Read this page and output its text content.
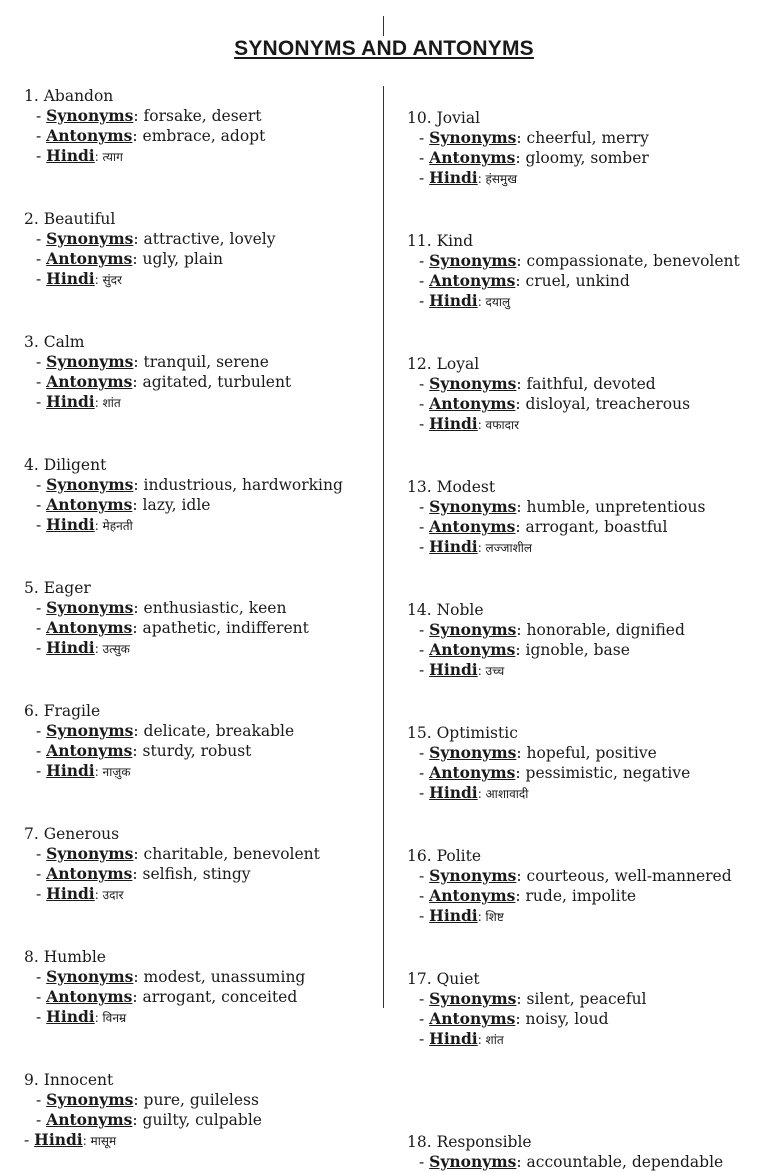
SYNONYMS AND ANTONYMS
1. Abandon
- Synonyms: forsake, desert
- Antonyms: embrace, adopt
- Hindi: त्याग
2. Beautiful
- Synonyms: attractive, lovely
- Antonyms: ugly, plain
- Hindi: सुंदर
3. Calm
- Synonyms: tranquil, serene
- Antonyms: agitated, turbulent
- Hindi: शांत
4. Diligent
- Synonyms: industrious, hardworking
- Antonyms: lazy, idle
- Hindi: मेहनती
5. Eager
- Synonyms: enthusiastic, keen
- Antonyms: apathetic, indifferent
- Hindi: उत्सुक
6. Fragile
- Synonyms: delicate, breakable
- Antonyms: sturdy, robust
- Hindi: नाज़ुक
7. Generous
- Synonyms: charitable, benevolent
- Antonyms: selfish, stingy
- Hindi: उदार
8. Humble
- Synonyms: modest, unassuming
- Antonyms: arrogant, conceited
- Hindi: विनम्र
9. Innocent
- Synonyms: pure, guileless
- Antonyms: guilty, culpable
- Hindi: मासूम
10. Jovial
- Synonyms: cheerful, merry
- Antonyms: gloomy, somber
- Hindi: हंसमुख
11. Kind
- Synonyms: compassionate, benevolent
- Antonyms: cruel, unkind
- Hindi: दयालु
12. Loyal
- Synonyms: faithful, devoted
- Antonyms: disloyal, treacherous
- Hindi: वफादार
13. Modest
- Synonyms: humble, unpretentious
- Antonyms: arrogant, boastful
- Hindi: लज्जाशील
14. Noble
- Synonyms: honorable, dignified
- Antonyms: ignoble, base
- Hindi: उच्च
15. Optimistic
- Synonyms: hopeful, positive
- Antonyms: pessimistic, negative
- Hindi: आशावादी
16. Polite
- Synonyms: courteous, well-mannered
- Antonyms: rude, impolite
- Hindi: शिष्ट
17. Quiet
- Synonyms: silent, peaceful
- Antonyms: noisy, loud
- Hindi: शांत
18. Responsible
- Synonyms: accountable, dependable
